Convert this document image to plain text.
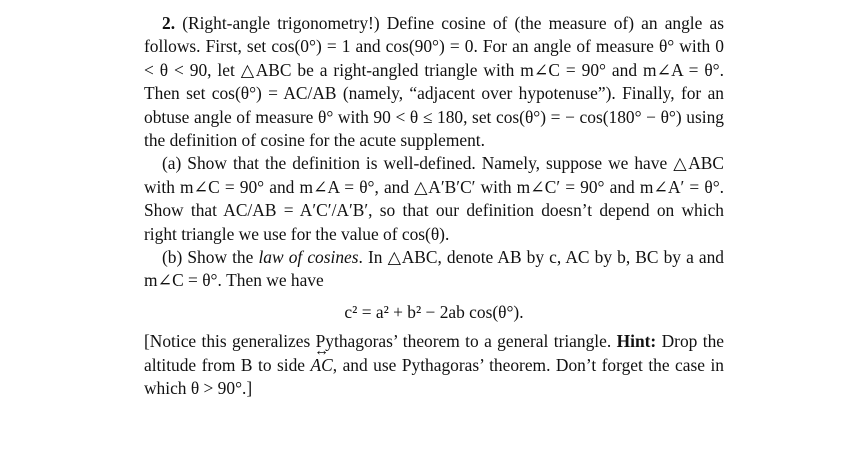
2. (Right-angle trigonometry!) Define cosine of (the measure of) an angle as follows. First, set cos(0°) = 1 and cos(90°) = 0. For an angle of measure θ° with 0 < θ < 90, let △ABC be a right-angled triangle with m∠C = 90° and m∠A = θ°. Then set cos(θ°) = AC/AB (namely, “adjacent over hypotenuse”). Finally, for an obtuse angle of measure θ° with 90 < θ ≤ 180, set cos(θ°) = − cos(180° − θ°) using the definition of cosine for the acute supplement.

(a) Show that the definition is well-defined. Namely, suppose we have △ABC with m∠C = 90° and m∠A = θ°, and △A′B′C′ with m∠C′ = 90° and m∠A′ = θ°. Show that AC/AB = A′C′/A′B′, so that our definition doesn’t depend on which right triangle we use for the value of cos(θ).

(b) Show the law of cosines. In △ABC, denote AB by c, AC by b, BC by a and m∠C = θ°. Then we have

c² = a² + b² − 2ab cos(θ°).

[Notice this generalizes Pythagoras’ theorem to a general triangle. Hint: Drop the altitude from B to side ↔ AC, and use Pythagoras’ theorem. Don’t forget the case in which θ > 90°.]
